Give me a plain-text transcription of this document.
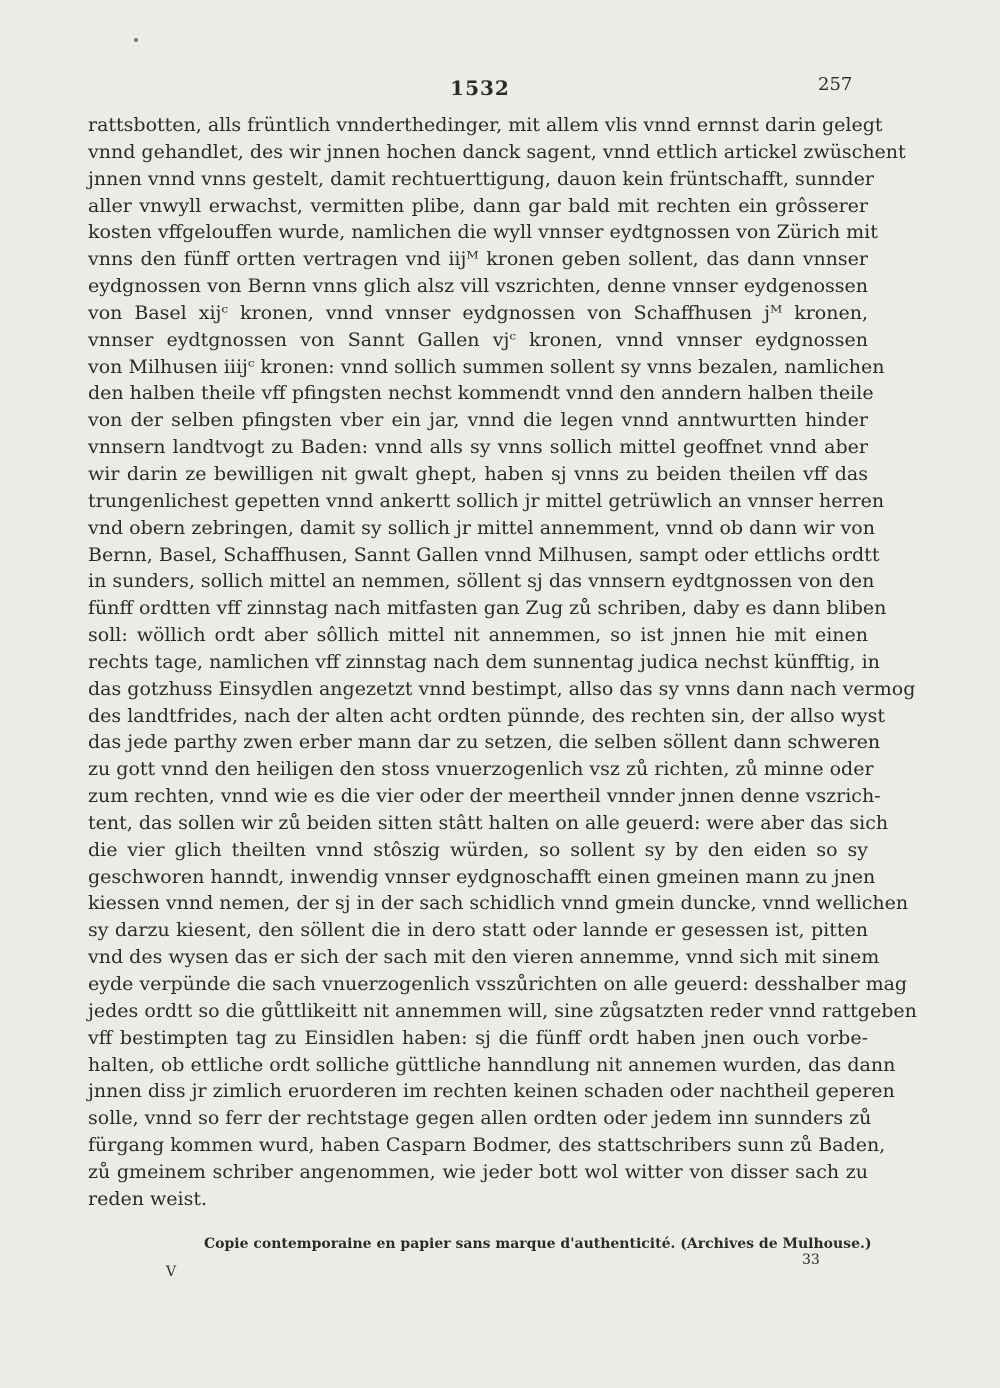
1532	257
rattsbotten, alls früntlich vnnderthedinger, mit allem vlis vnnd ernnst darin gelegt
vnnd gehandlet, des wir jnnen hochen danck sagent, vnnd ettlich artickel zwüschent
jnnen vnnd vnns gestelt, damit rechtuerttigung, dauon kein früntschafft, sunnder
aller vnwyll erwachst, vermitten plibe, dann gar bald mit rechten ein grôsserer
kosten vffgelouffen wurde, namlichen die wyll vnnser eydtgnossen von Zürich mit
vnns den fünff ortten vertragen vnd iijᴹ kronen geben sollent, das dann vnnser
eydgnossen von Bernn vnns glich alsz vill vszrichten, denne vnnser eydgenossen
von Basel xijᶜ kronen, vnnd vnnser eydgnossen von Schaffhusen jᴹ kronen,
vnnser eydtgnossen von Sannt Gallen vjᶜ kronen, vnnd vnnser eydgnossen
von Milhusen iiijᶜ kronen: vnnd sollich summen sollent sy vnns bezalen, namlichen
den halben theile vff pfingsten nechst kommendt vnnd den anndern halben theile
von der selben pfingsten vber ein jar, vnnd die legen vnnd anntwurtten hinder
vnnsern landtvogt zu Baden: vnnd alls sy vnns sollich mittel geoffnet vnnd aber
wir darin ze bewilligen nit gwalt ghept, haben sj vnns zu beiden theilen vff das
trungenlichest gepetten vnnd ankertt sollich jr mittel getrüwlich an vnnser herren
vnd obern zebringen, damit sy sollich jr mittel annemment, vnnd ob dann wir von
Bernn, Basel, Schaffhusen, Sannt Gallen vnnd Milhusen, sampt oder ettlichs ordtt
in sunders, sollich mittel an nemmen, söllent sj das vnnsern eydtgnossen von den
fünff ordtten vff zinnstag nach mitfasten gan Zug zů schriben, daby es dann bliben
soll: wöllich ordt aber sôllich mittel nit annemmen, so ist jnnen hie mit einen
rechts tage, namlichen vff zinnstag nach dem sunnentag judica nechst künfftig, in
das gotzhuss Einsydlen angezetzt vnnd bestimpt, allso das sy vnns dann nach vermog
des landtfrides, nach der alten acht ordten pünnde, des rechten sin, der allso wyst
das jede parthy zwen erber mann dar zu setzen, die selben söllent dann schweren
zu gott vnnd den heiligen den stoss vnuerzogenlich vsz zů richten, zů minne oder
zum rechten, vnnd wie es die vier oder der meertheil vnnder jnnen denne vszrich-
tent, das sollen wir zů beiden sitten stâtt halten on alle geuerd: were aber das sich
die vier glich theilten vnnd stôszig würden, so sollent sy by den eiden so sy
geschworen hanndt, inwendig vnnser eydgnoschafft einen gmeinen mann zu jnen
kiessen vnnd nemen, der sj in der sach schidlich vnnd gmein duncke, vnnd wellichen
sy darzu kiesent, den söllent die in dero statt oder lannde er gesessen ist, pitten
vnd des wysen das er sich der sach mit den vieren annemme, vnnd sich mit sinem
eyde verpünde die sach vnuerzogenlich vsszůrichten on alle geuerd: desshalber mag
jedes ordtt so die gůttlikeitt nit annemmen will, sine zůgsatzten reder vnnd rattgeben
vff bestimpten tag zu Einsidlen haben: sj die fünff ordt haben jnen ouch vorbe-
halten, ob ettliche ordt solliche güttliche hanndlung nit annemen wurden, das dann
jnnen diss jr zimlich eruorderen im rechten keinen schaden oder nachtheil geperen
solle, vnnd so ferr der rechtstage gegen allen ordten oder jedem inn sunnders zů
fürgang kommen wurd, haben Casparn Bodmer, des stattschribers sunn zů Baden,
zů gmeinem schriber angenommen, wie jeder bott wol witter von disser sach zu
reden weist.
Copie contemporaine en papier sans marque d'authenticité. (Archives de Mulhouse.)
V
33
